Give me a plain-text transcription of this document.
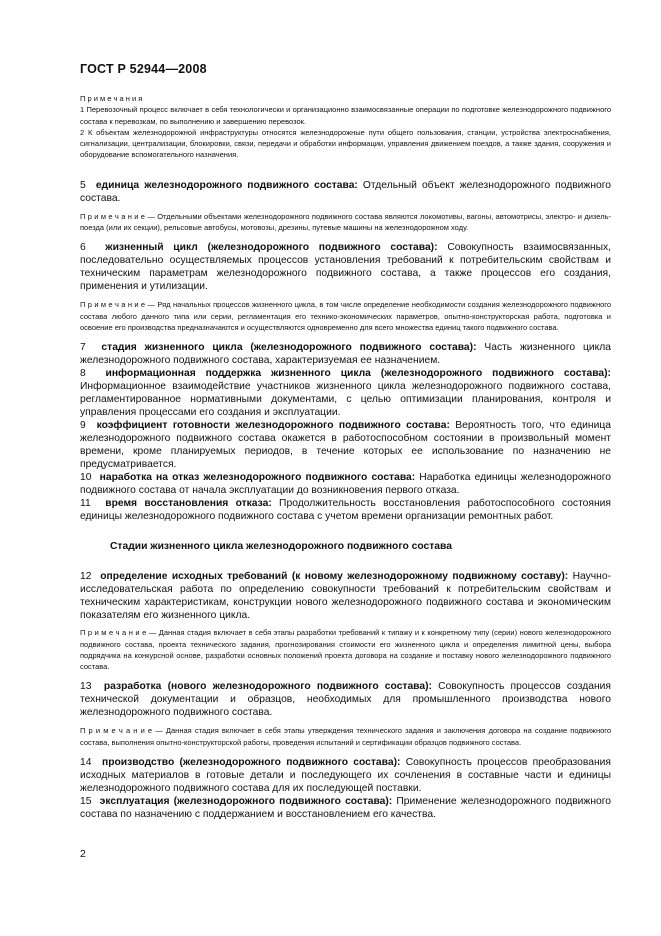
ГОСТ Р 52944—2008

П р и м е ч а н и я

1 Перевозочный процесс включает в себя технологически и организационно взаимосвязанные операции по подготовке железнодорожного подвижного состава к перевозкам, по выполнению и завершению перевозок.

2 К объектам железнодорожной инфраструктуры относятся железнодорожные пути общего пользования, станции, устройства электроснабжения, сигнализации, централизации, блокировки, связи, передачи и обработки информации, управления движением поездов, а также здания, сооружения и оборудование вспомогательного назначения.

5 единица железнодорожного подвижного состава: Отдельный объект железнодорожного подвижного состава.

П р и м е ч а н и е — Отдельными объектами железнодорожного подвижного состава являются локомотивы, вагоны, автомотрисы, электро- и дизель-поезда (или их секции), рельсовые автобусы, мотовозы, дрезины, путевые машины на железнодорожном ходу.

6 жизненный цикл (железнодорожного подвижного состава): Совокупность взаимосвязанных, последовательно осуществляемых процессов установления требований к потребительским свойствам и техническим параметрам железнодорожного подвижного состава, а также процессов его создания, применения и утилизации.

П р и м е ч а н и е — Ряд начальных процессов жизненного цикла, в том числе определение необходимости создания железнодорожного подвижного состава любого данного типа или серии, регламентация его технико-экономических параметров, опытно-конструкторская работа, подготовка и освоение его производства предназначаются и осуществляются одновременно для всего множества единиц такого подвижного состава.

7 стадия жизненного цикла (железнодорожного подвижного состава): Часть жизненного цикла железнодорожного подвижного состава, характеризуемая ее назначением.

8 информационная поддержка жизненного цикла (железнодорожного подвижного состава): Информационное взаимодействие участников жизненного цикла железнодорожного подвижного состава, регламентированное нормативными документами, с целью оптимизации планирования, контроля и управления процессами его создания и эксплуатации.

9 коэффициент готовности железнодорожного подвижного состава: Вероятность того, что единица железнодорожного подвижного состава окажется в работоспособном состоянии в произвольный момент времени, кроме планируемых периодов, в течение которых ее использование по назначению не предусматривается.

10 наработка на отказ железнодорожного подвижного состава: Наработка единицы железнодорожного подвижного состава от начала эксплуатации до возникновения первого отказа.

11 время восстановления отказа: Продолжительность восстановления работоспособного состояния единицы железнодорожного подвижного состава с учетом времени организации ремонтных работ.

Стадии жизненного цикла железнодорожного подвижного состава

12 определение исходных требований (к новому железнодорожному подвижному составу): Научно-исследовательская работа по определению совокупности требований к потребительским свойствам и техническим характеристикам, конструкции нового железнодорожного подвижного состава и экономическим показателям его жизненного цикла.

П р и м е ч а н и е — Данная стадия включает в себя этапы разработки требований к типажу и к конкретному типу (серии) нового железнодорожного подвижного состава, проекта технического задания, прогнозирования стоимости его жизненного цикла и определения лимитной цены, выбора подрядчика на конкурсной основе, разработки основных положений проекта договора на создание и поставку нового железнодорожного подвижного состава.

13 разработка (нового железнодорожного подвижного состава): Совокупность процессов создания технической документации и образцов, необходимых для промышленного производства нового железнодорожного подвижного состава.

П р и м е ч а н и е — Данная стадия включает в себя этапы утверждения технического задания и заключения договора на создание подвижного состава, выполнения опытно-конструкторской работы, проведения испытаний и сертификации образцов подвижного состава.

14 производство (железнодорожного подвижного состава): Совокупность процессов преобразования исходных материалов в готовые детали и последующего их сочленения в составные части и единицы железнодорожного подвижного состава для их последующей поставки.

15 эксплуатация (железнодорожного подвижного состава): Применение железнодорожного подвижного состава по назначению с поддержанием и восстановлением его качества.

2
